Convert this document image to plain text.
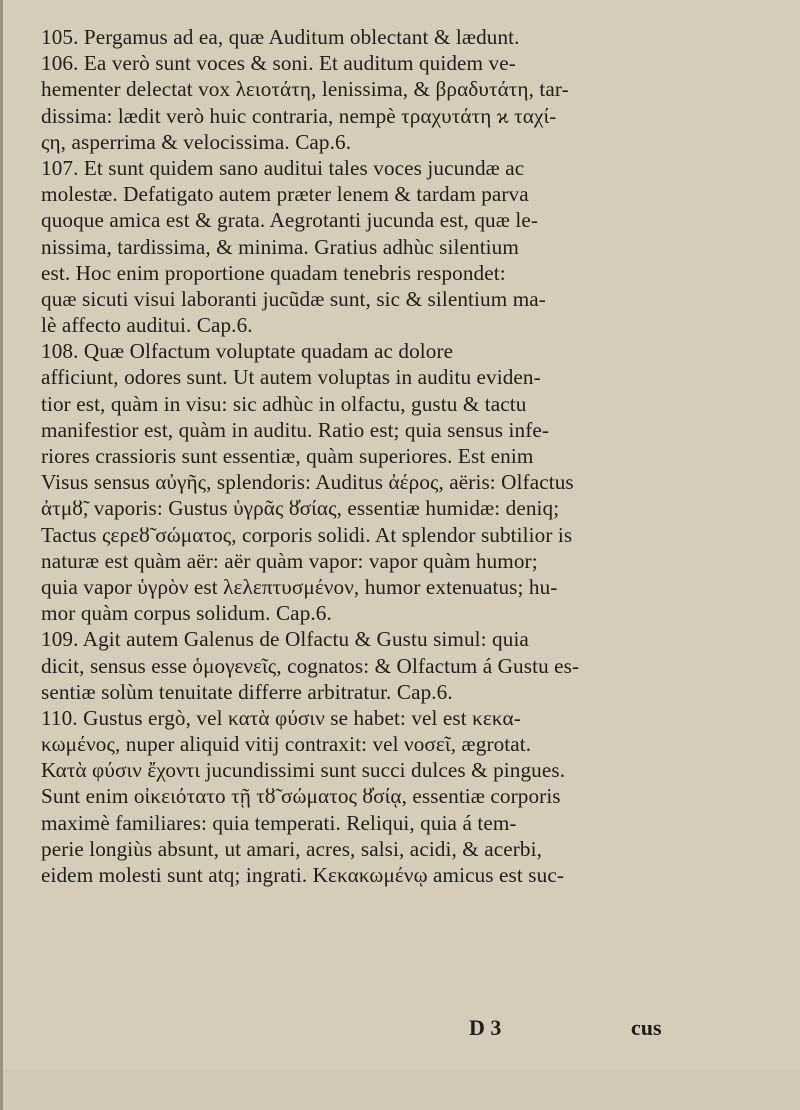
105. Pergamus ad ea, quæ Auditum oblectant & lædunt.
106. Ea verò sunt voces & soni. Et auditum quidem ve-
hementer delectat vox λειοτάτη, lenissima, & βραδυτάτη, tar-
dissima: lædit verò huic contraria, nempè τραχυτάτη ϰ ταχί-
ςη, asperrima & velocissima. Cap.6.
107. Et sunt quidem sano auditui tales voces jucundæ ac
molestæ. Defatigato autem præter lenem & tardam parva
quoque amica est & grata. Aegrotanti jucunda est, quæ le-
nissima, tardissima, & minima. Gratius adhùc silentium
est. Hoc enim proportione quadam tenebris respondet:
quæ sicuti visui laboranti jucũdæ sunt, sic & silentium ma-
lè affecto auditui. Cap.6.
108. Quæ Olfactum voluptate quadam ac dolore
afficiunt, odores sunt. Ut autem voluptas in auditu eviden-
tior est, quàm in visu: sic adhùc in olfactu, gustu & tactu
manifestior est, quàm in auditu. Ratio est; quia sensus infe-
riores crassioris sunt essentiæ, quàm superiores. Est enim
Visus sensus αὐγῆς, splendoris: Auditus ἀέρος, aëris: Olfactus
ἀτμȣ̃, vaporis: Gustus ὑγρᾶς ȣ̓σίας, essentiæ humidæ: deniq;
Tactus ςερεȣ̃ σώματος, corporis solidi. At splendor subtilior is
naturæ est quàm aër: aër quàm vapor: vapor quàm humor;
quia vapor ὑγρὸν est λελεπτυσμένον, humor extenuatus; hu-
mor quàm corpus solidum. Cap.6.
109. Agit autem Galenus de Olfactu & Gustu simul: quia
dicit, sensus esse ὁμογενεῖς, cognatos: & Olfactum á Gustu es-
sentiæ solùm tenuitate differre arbitratur. Cap.6.
110. Gustus ergò, vel κατὰ φύσιν se habet: vel est κεκα-
κωμένος, nuper aliquid vitij contraxit: vel νοσεῖ, ægrotat.
Κατὰ φύσιν ἔχοντι jucundissimi sunt succi dulces & pingues.
Sunt enim οἰκειότατο τῇ τȣ̃ σώματος ȣ̓σίᾳ, essentiæ corporis
maximè familiares: quia temperati. Reliqui, quia á tem-
perie longiùs absunt, ut amari, acres, salsi, acidi, & acerbi,
eidem molesti sunt atq; ingrati. Κεκακωμένῳ amicus est suc-
D 3	cus
